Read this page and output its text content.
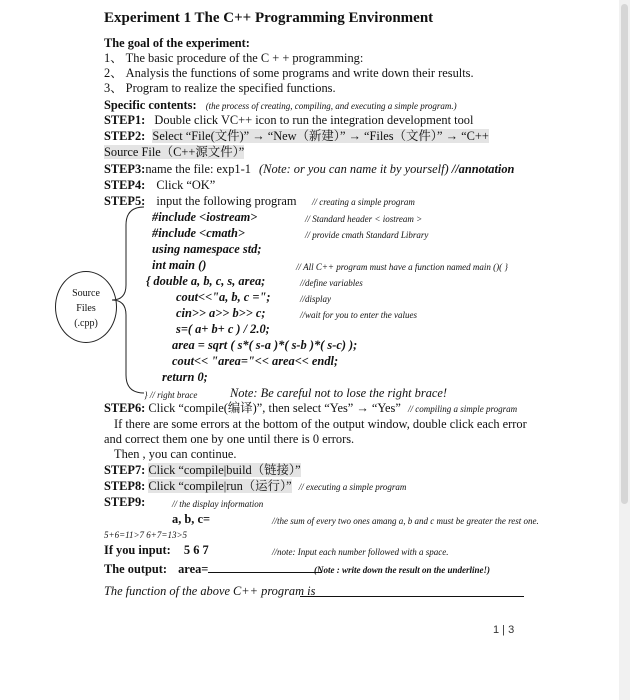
Experiment 1 The C++ Programming Environment
The goal of the experiment:
1、 The basic procedure of the C + + programming:
2、 Analysis the functions of some programs and write down their results.
3、 Program to realize the specified functions.
Specific contents: (the process of creating, compiling, and executing a simple program.)
STEP1: Double click VC++ icon to run the integration development tool
STEP2: Select “File(文件)” → “New（新建）” → “Files（文件）” → “C++
Source File（C++源文件）”
STEP3:name the file: exp1-1 (Note: or you can name it by yourself) //annotation
STEP4: Click “OK”
STEP5: input the following program // creating a simple program
Source
Files
(.cpp)
#include <iostream>	// Standard header < iostream >
#include <cmath>	// provide cmath Standard Library
using namespace std;
int main ()	// All C++ program must have a function named main ()( }
{ double a, b, c, s, area;	//define variables
cout<<"a, b, c =";	//display
cin>> a>> b>> c;	//wait for you to enter the values
s=( a+ b+ c ) / 2.0;
area = sqrt ( s*( s-a )*( s-b )*( s-c) );
cout<< "area="<< area<< endl;
return 0;
} // right brace	Note: Be careful not to lose the right brace!
STEP6: Click “compile(编译)”, then select “Yes” → “Yes” // compiling a simple program
If there are some errors at the bottom of the output window, double click each error
and correct them one by one until there is 0 errors.
Then , you can continue.
STEP7: Click “compile|build（链接）”
STEP8: Click “compile|run（运行）” // executing a simple program
STEP9:	// the display information
a, b, c=	//the sum of every two ones amang a, b and c must be greater the rest one.
5+6=11>7 6+7=13>5
If you input: 5 6 7	//note: Input each number followed with a space.
The output: area=	(Note : write down the result on the underline!)
The function of the above C++ program is
1 | 3
